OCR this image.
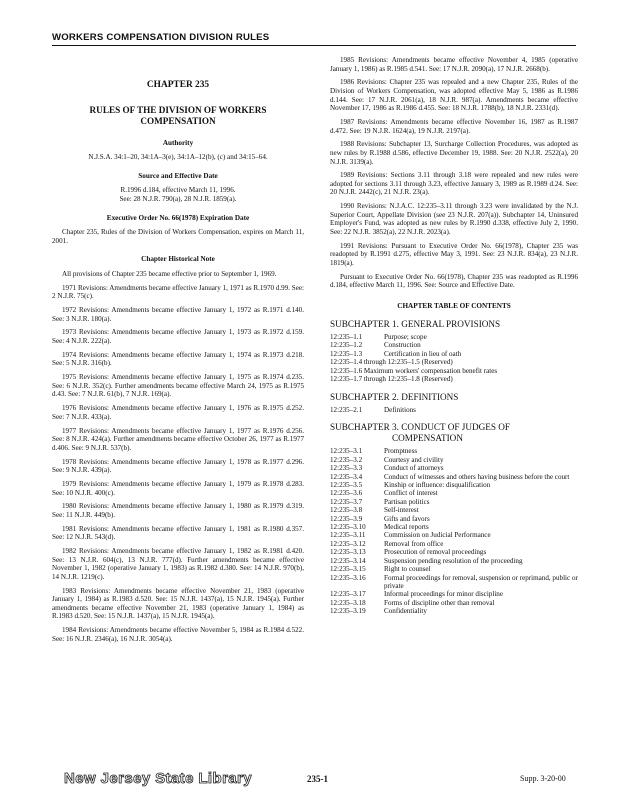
WORKERS COMPENSATION DIVISION RULES
CHAPTER 235
RULES OF THE DIVISION OF WORKERS
COMPENSATION
Authority

N.J.S.A. 34:1–20, 34:1A–3(e), 34:1A–12(b), (c) and 34:15–64.

Source and Effective Date

R.1996 d.184, effective March 11, 1996.

See: 28 N.J.R. 790(a), 28 N.J.R. 1859(a).

Executive Order No. 66(1978) Expiration Date

Chapter 235, Rules of the Division of Workers Compensation, expires on March 11, 2001.

Chapter Historical Note

All provisions of Chapter 235 became effective prior to September 1, 1969.

1971 Revisions: Amendments became effective January 1, 1971 as R.1970 d.99. See: 2 N.J.R. 75(c).

1972 Revisions: Amendments became effective January 1, 1972 as R.1971 d.140. See: 3 N.J.R. 180(a).

1973 Revisions: Amendments became effective January 1, 1973 as R.1972 d.159. See: 4 N.J.R. 222(a).

1974 Revisions: Amendments became effective January 1, 1974 as R.1973 d.218. See: 5 N.J.R. 316(b).

1975 Revisions: Amendments became effective January 1, 1975 as R.1974 d.235. See: 6 N.J.R. 352(c). Further amendments became effective March 24, 1975 as R.1975 d.43. See: 7 N.J.R. 61(b), 7 N.J.R. 169(a).

1976 Revisions: Amendments became effective January 1, 1976 as R.1975 d.252. See: 7 N.J.R. 433(a).

1977 Revisions: Amendments became effective January 1, 1977 as R.1976 d.256. See: 8 N.J.R. 424(a). Further amendments became effective October 26, 1977 as R.1977 d.406. See: 9 N.J.R. 537(b).

1978 Revisions: Amendments became effective January 1, 1978 as R.1977 d.296. See: 9 N.J.R. 439(a).

1979 Revisions: Amendments became effective January 1, 1979 as R.1978 d.283. See: 10 N.J.R. 400(c).

1980 Revisions: Amendments became effective January 1, 1980 as R.1979 d.319. See: 11 N.J.R. 449(b).

1981 Revisions: Amendments became effective January 1, 1981 as R.1980 d.357. See: 12 N.J.R. 543(d).

1982 Revisions: Amendments became effective January 1, 1982 as R.1981 d.420. See: 13 N.J.R. 604(c), 13 N.J.R. 777(d). Further amendments became effective November 1, 1982 (operative January 1, 1983) as R.1982 d.380. See: 14 N.J.R. 970(b), 14 N.J.R. 1219(c).

1983 Revisions: Amendments became effective November 21, 1983 (operative January 1, 1984) as R.1983 d.520. See: 15 N.J.R. 1437(a), 15 N.J.R. 1945(a). Further amendments became effective November 21, 1983 (operative January 1, 1984) as R.1983 d.520. See: 15 N.J.R. 1437(a), 15 N.J.R. 1945(a).

1984 Revisions: Amendments became effective November 5, 1984 as R.1984 d.522. See: 16 N.J.R. 2346(a), 16 N.J.R. 3054(a).

1985 Revisions: Amendments became effective November 4, 1985 (operative January 1, 1986) as R.1985 d.541. See: 17 N.J.R. 2090(a), 17 N.J.R. 2668(b).

1986 Revisions: Chapter 235 was repealed and a new Chapter 235, Rules of the Division of Workers Compensation, was adopted effective May 5, 1986 as R.1986 d.144. See: 17 N.J.R. 2061(a), 18 N.J.R. 987(a). Amendments became effective November 17, 1986 as R.1986 d.455. See: 18 N.J.R. 1788(b), 18 N.J.R. 2331(d).

1987 Revisions: Amendments became effective November 16, 1987 as R.1987 d.472. See: 19 N.J.R. 1624(a), 19 N.J.R. 2197(a).

1988 Revisions: Subchapter 13, Surcharge Collection Procedures, was adopted as new rules by R.1988 d.586, effective December 19, 1988. See: 20 N.J.R. 2522(a), 20 N.J.R. 3139(a).

1989 Revisions: Sections 3.11 through 3.18 were repealed and new rules were adopted for sections 3.11 through 3.23, effective January 3, 1989 as R.1989 d.24. See: 20 N.J.R. 2442(c), 21 N.J.R. 23(a).

1990 Revisions: N.J.A.C. 12:235–3.11 through 3.23 were invalidated by the N.J. Superior Court, Appellate Division (see 23 N.J.R. 207(a)). Subchapter 14, Uninsured Employer's Fund, was adopted as new rules by R.1990 d.338, effective July 2, 1990. See: 22 N.J.R. 3852(a), 22 N.J.R. 2023(a).

1991 Revisions: Pursuant to Executive Order No. 66(1978), Chapter 235 was readopted by R.1991 d.275, effective May 3, 1991. See: 23 N.J.R. 834(a), 23 N.J.R. 1819(a).

Pursuant to Executive Order No. 66(1978), Chapter 235 was readopted as R.1996 d.184, effective March 11, 1996. See: Source and Effective Date.

CHAPTER TABLE OF CONTENTS
SUBCHAPTER 1. GENERAL PROVISIONS
12:235–1.1	Purpose; scope
12:235–1.2	Construction
12:235–1.3	Certification in lieu of oath
12:235–1.4 through 12:235–1.5 (Reserved)
12:235–1.6 Maximum workers' compensation benefit rates
12:235–1.7 through 12:235–1.8 (Reserved)
SUBCHAPTER 2. DEFINITIONS
12:235–2.1	Definitions
SUBCHAPTER 3. CONDUCT OF JUDGES OF
COMPENSATION
12:235–3.1	Promptness
12:235–3.2	Courtesy and civility
12:235–3.3	Conduct of attorneys
12:235–3.4	Conduct of witnesses and others having business before the court
12:235–3.5	Kinship or influence: disqualification
12:235–3.6	Conflict of interest
12:235–3.7	Partisan politics
12:235–3.8	Self-interest
12:235–3.9	Gifts and favors
12:235–3.10	Medical reports
12:235–3.11	Commission on Judicial Performance
12:235–3.12	Removal from office
12:235–3.13	Prosecution of removal proceedings
12:235–3.14	Suspension pending resolution of the proceeding
12:235–3.15	Right to counsel
12:235–3.16	Formal proceedings for removal, suspension or reprimand, public or private
12:235–3.17	Informal proceedings for minor discipline
12:235–3.18	Forms of discipline other than removal
12:235–3.19	Confidentiality
New Jersey State Library	235-1	Supp. 3-20-00
